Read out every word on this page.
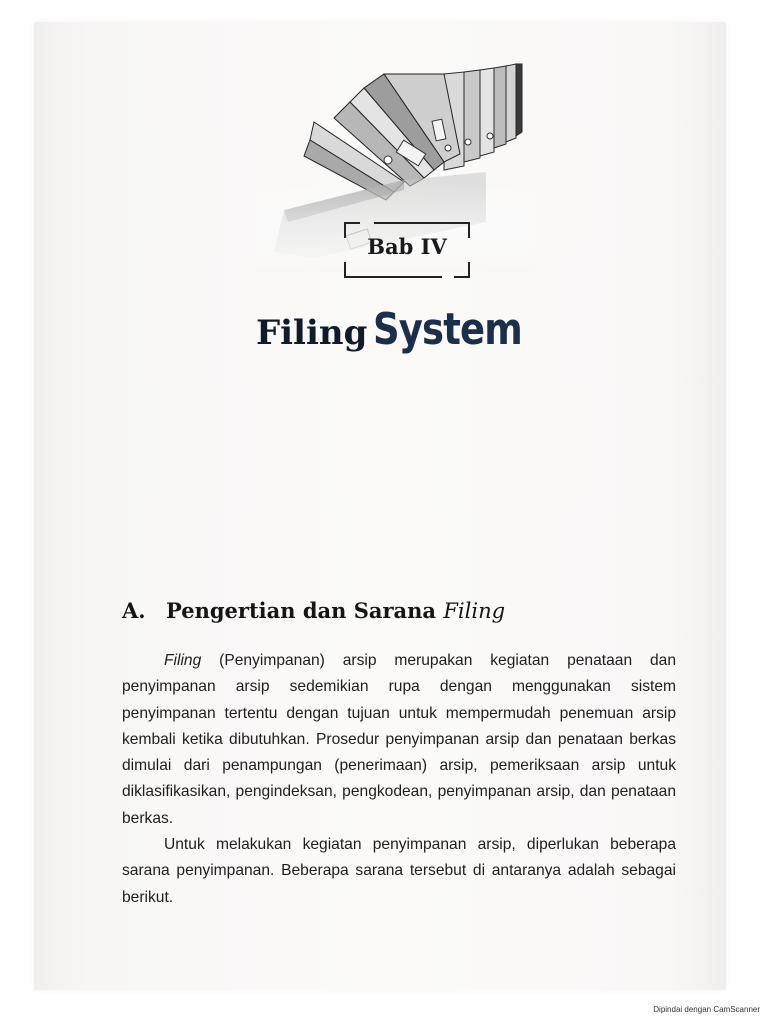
Bab IV
Filing System
A. Pengertian dan Sarana Filing

Filing (Penyimpanan) arsip merupakan kegiatan penataan dan penyimpanan arsip sedemikian rupa dengan menggunakan sistem penyimpanan tertentu dengan tujuan untuk mempermudah penemuan arsip kembali ketika dibutuhkan. Prosedur penyimpanan arsip dan penataan berkas dimulai dari penampungan (penerimaan) arsip, pemeriksaan arsip untuk diklasifikasikan, pengindeksan, pengkodean, penyimpanan arsip, dan penataan berkas.

Untuk melakukan kegiatan penyimpanan arsip, diperlukan beberapa sarana penyimpanan. Beberapa sarana tersebut di antaranya adalah sebagai berikut.

Dipindai dengan CamScanner
